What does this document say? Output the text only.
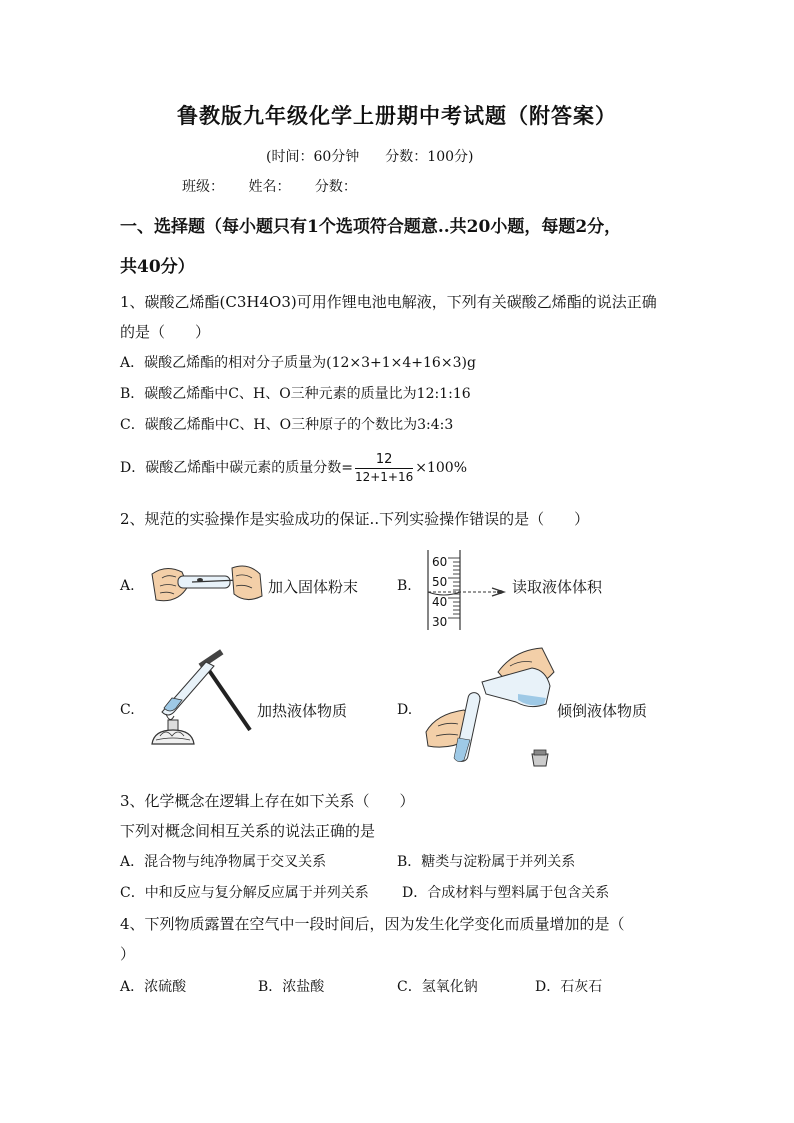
鲁教版九年级化学上册期中考试题（附答案）
(时间：60分钟 分数：100分)
班级： 姓名： 分数：
一、选择题（每小题只有1个选项符合题意..共20小题，每题2分，
共40分）
1、碳酸乙烯酯(C3H4O3)可用作锂电池电解液，下列有关碳酸乙烯酯的说法正确
的是（　　）
A．碳酸乙烯酯的相对分子质量为(12×3+1×4+16×3)g
B．碳酸乙烯酯中C、H、O三种元素的质量比为12:1:16
C．碳酸乙烯酯中C、H、O三种原子的个数比为3:4:3
D．碳酸乙烯酯中碳元素的质量分数= $\frac{12}{12+1+16} \times 100\%$
2、规范的实验操作是实验成功的保证..下列实验操作错误的是（　　）
A.	加入固体粉末	B.
60
50
40
30
读取液体体积
C.	加热液体物质	D.	倾倒液体物质
3、化学概念在逻辑上存在如下关系（　　）
下列对概念间相互关系的说法正确的是
A．混合物与纯净物属于交叉关系	B．糖类与淀粉属于并列关系
C．中和反应与复分解反应属于并列关系 D．合成材料与塑料属于包含关系
4、下列物质露置在空气中一段时间后，因为发生化学变化而质量增加的是（
）
A．浓硫酸	B．浓盐酸	C．氢氧化钠	D．石灰石
